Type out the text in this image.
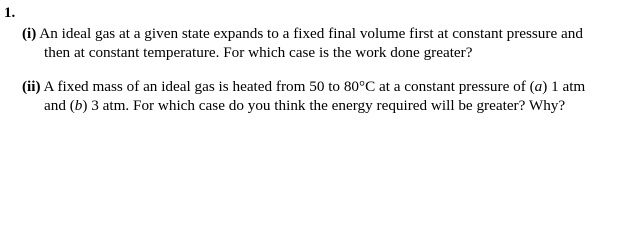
1.
(i) An ideal gas at a given state expands to a fixed final volume first at constant pressure and
then at constant temperature. For which case is the work done greater?
(ii) A fixed mass of an ideal gas is heated from 50 to 80°C at a constant pressure of (a) 1 atm
and (b) 3 atm. For which case do you think the energy required will be greater? Why?
